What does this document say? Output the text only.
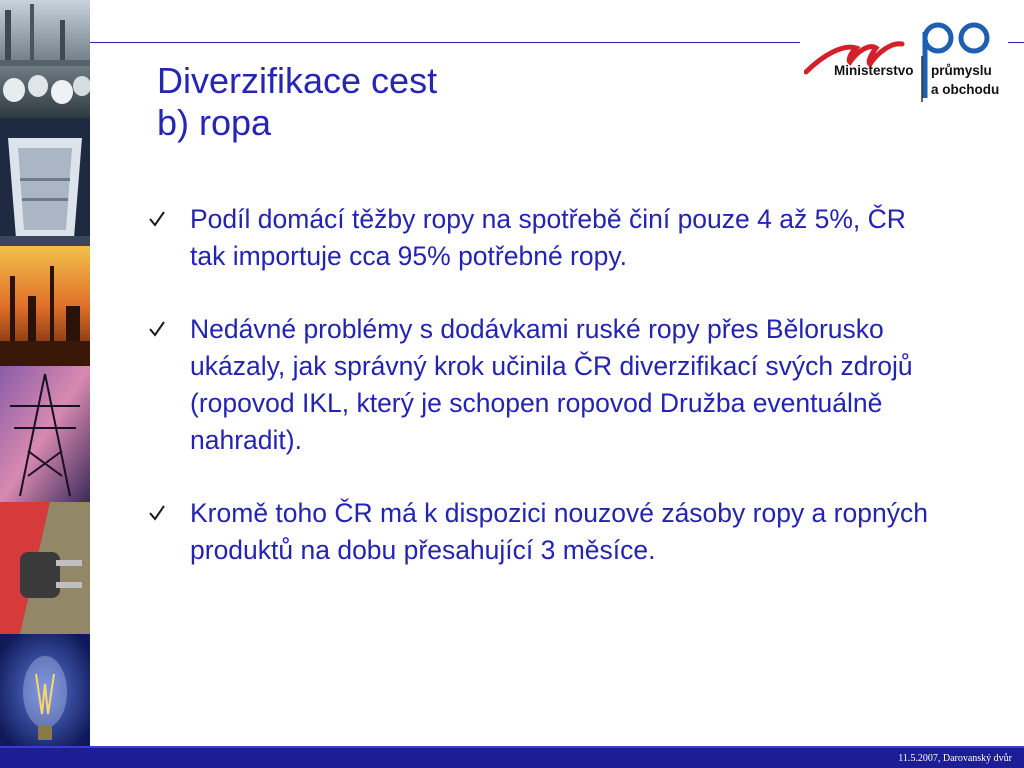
Diverzifikace cest
b) ropa
Ministerstvo průmyslu
a obchodu
Podíl domácí těžby ropy na spotřebě činí pouze 4 až 5%, ČR tak importuje cca 95% potřebné ropy.
Nedávné problémy s dodávkami ruské ropy přes Bělorusko ukázaly, jak správný krok učinila ČR diverzifikací svých zdrojů (ropovod IKL, který je schopen ropovod Družba eventuálně nahradit).
Kromě toho ČR má k dispozici nouzové zásoby ropy a ropných produktů na dobu přesahující 3 měsíce.
11.5.2007, Darovanský dvůr
